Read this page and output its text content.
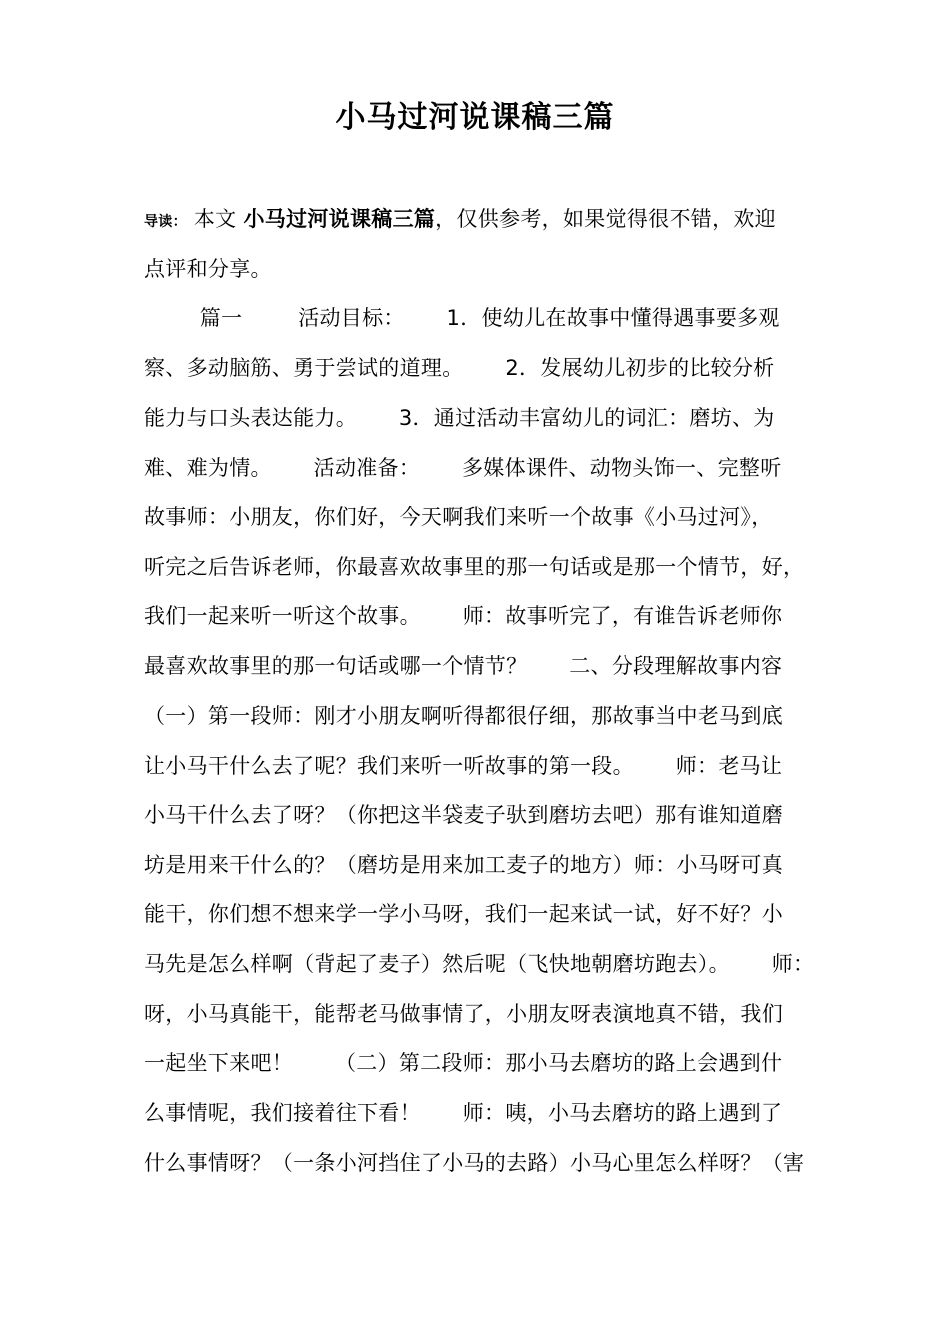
小马过河说课稿三篇
导读： 本文 小马过河说课稿三篇，仅供参考，如果觉得很不错，欢迎
点评和分享。
篇一        活动目标：      1．使幼儿在故事中懂得遇事要多观
察、多动脑筋、勇于尝试的道理。      2．发展幼儿初步的比较分析
能力与口头表达能力。      3．通过活动丰富幼儿的词汇：磨坊、为
难、难为情。      活动准备：      多媒体课件、动物头饰一、完整听
故事师：小朋友，你们好，今天啊我们来听一个故事《小马过河》，
听完之后告诉老师，你最喜欢故事里的那一句话或是那一个情节，好，
我们一起来听一听这个故事。      师：故事听完了，有谁告诉老师你
最喜欢故事里的那一句话或哪一个情节？      二、分段理解故事内容
（一）第一段师：刚才小朋友啊听得都很仔细，那故事当中老马到底
让小马干什么去了呢？我们来听一听故事的第一段。      师：老马让
小马干什么去了呀？（你把这半袋麦子驮到磨坊去吧）那有谁知道磨
坊是用来干什么的？（磨坊是用来加工麦子的地方）师：小马呀可真
能干，你们想不想来学一学小马呀，我们一起来试一试，好不好？小
马先是怎么样啊（背起了麦子）然后呢（飞快地朝磨坊跑去）。      师：
呀，小马真能干，能帮老马做事情了，小朋友呀表演地真不错，我们
一起坐下来吧！      （二）第二段师：那小马去磨坊的路上会遇到什
么事情呢，我们接着往下看！      师：咦，小马去磨坊的路上遇到了
什么事情呀？（一条小河挡住了小马的去路）小马心里怎么样呀？（害
